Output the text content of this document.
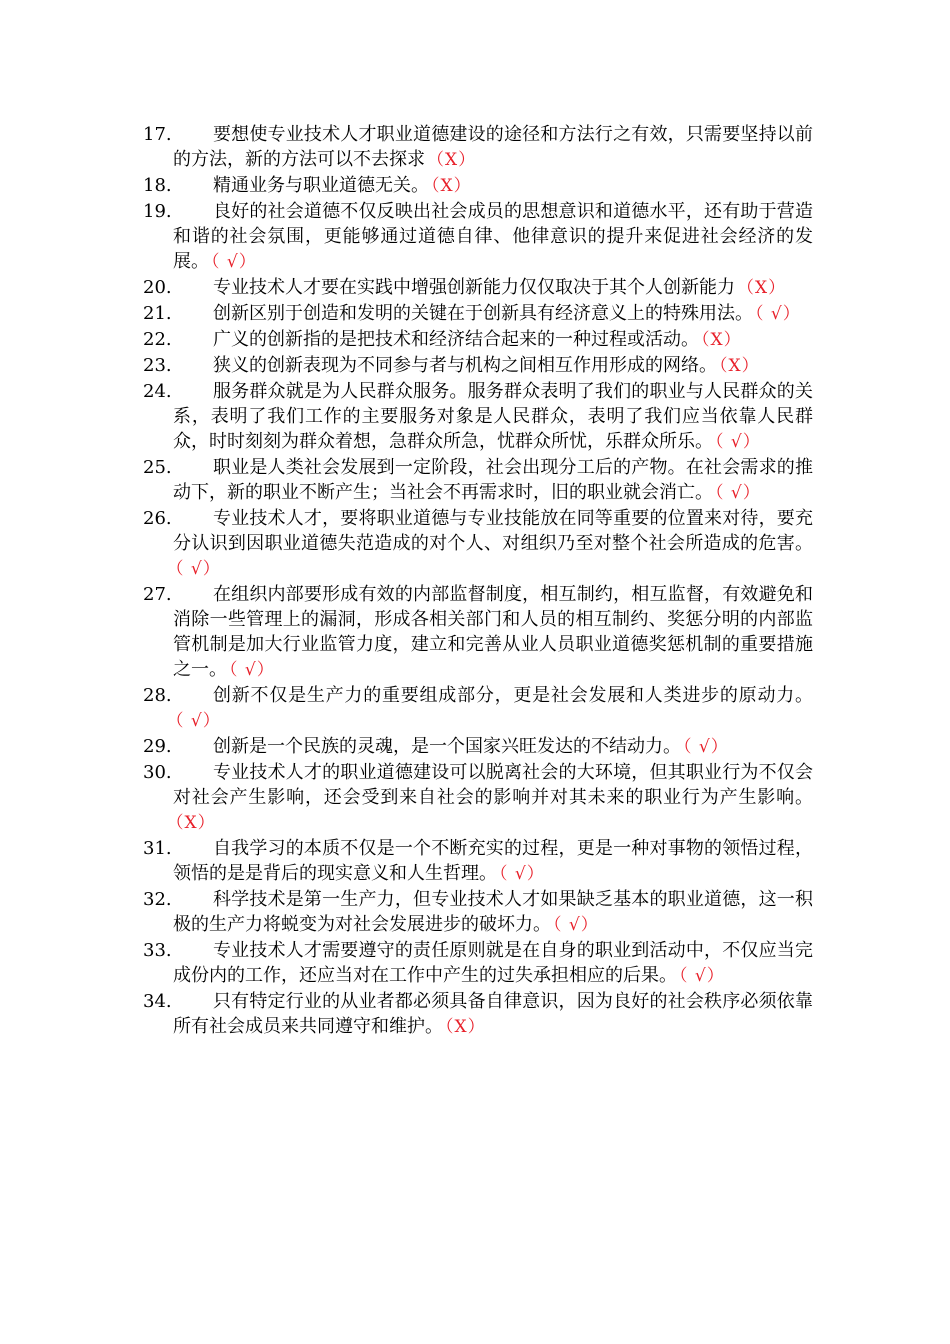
17.	要想使专业技术人才职业道德建设的途径和方法行之有效，只需要坚持以前的方法，新的方法可以不去探求 （X）
18.	精通业务与职业道德无关。 （X）
19.	良好的社会道德不仅反映出社会成员的思想意识和道德水平，还有助于营造和谐的社会氛围，更能够通过道德自律、他律意识的提升来促进社会经济的发展。 （ √）
20.	专业技术人才要在实践中增强创新能力仅仅取决于其个人创新能力 （X）
21.	创新区别于创造和发明的关键在于创新具有经济意义上的特殊用法。 （ √）
22.	广义的创新指的是把技术和经济结合起来的一种过程或活动。 （X）
23.	狭义的创新表现为不同参与者与机构之间相互作用形成的网络。 （X）
24.	服务群众就是为人民群众服务。服务群众表明了我们的职业与人民群众的关系，表明了我们工作的主要服务对象是人民群众，表明了我们应当依靠人民群众，时时刻刻为群众着想，急群众所急，忧群众所忧，乐群众所乐。 （ √）
25.	职业是人类社会发展到一定阶段，社会出现分工后的产物。在社会需求的推动下，新的职业不断产生；当社会不再需求时，旧的职业就会消亡。 （ √）
26.	专业技术人才，要将职业道德与专业技能放在同等重要的位置来对待，要充分认识到因职业道德失范造成的对个人、对组织乃至对整个社会所造成的危害。（ √）
27.	在组织内部要形成有效的内部监督制度，相互制约，相互监督，有效避免和消除一些管理上的漏洞，形成各相关部门和人员的相互制约、奖惩分明的内部监管机制是加大行业监管力度，建立和完善从业人员职业道德奖惩机制的重要措施之一。 （ √）
28.	创新不仅是生产力的重要组成部分，更是社会发展和人类进步的原动力。（ √）
29.	创新是一个民族的灵魂，是一个国家兴旺发达的不结动力。 （ √）
30.	专业技术人才的职业道德建设可以脱离社会的大环境，但其职业行为不仅会对社会产生影响，还会受到来自社会的影响并对其未来的职业行为产生影响。（X）
31.	自我学习的本质不仅是一个不断充实的过程，更是一种对事物的领悟过程，领悟的是是背后的现实意义和人生哲理。 （ √）
32.	科学技术是第一生产力，但专业技术人才如果缺乏基本的职业道德，这一积极的生产力将蜕变为对社会发展进步的破坏力。 （ √）
33.	专业技术人才需要遵守的责任原则就是在自身的职业到活动中，不仅应当完成份内的工作，还应当对在工作中产生的过失承担相应的后果。 （ √）
34.	只有特定行业的从业者都必须具备自律意识，因为良好的社会秩序必须依靠所有社会成员来共同遵守和维护。 （X）
